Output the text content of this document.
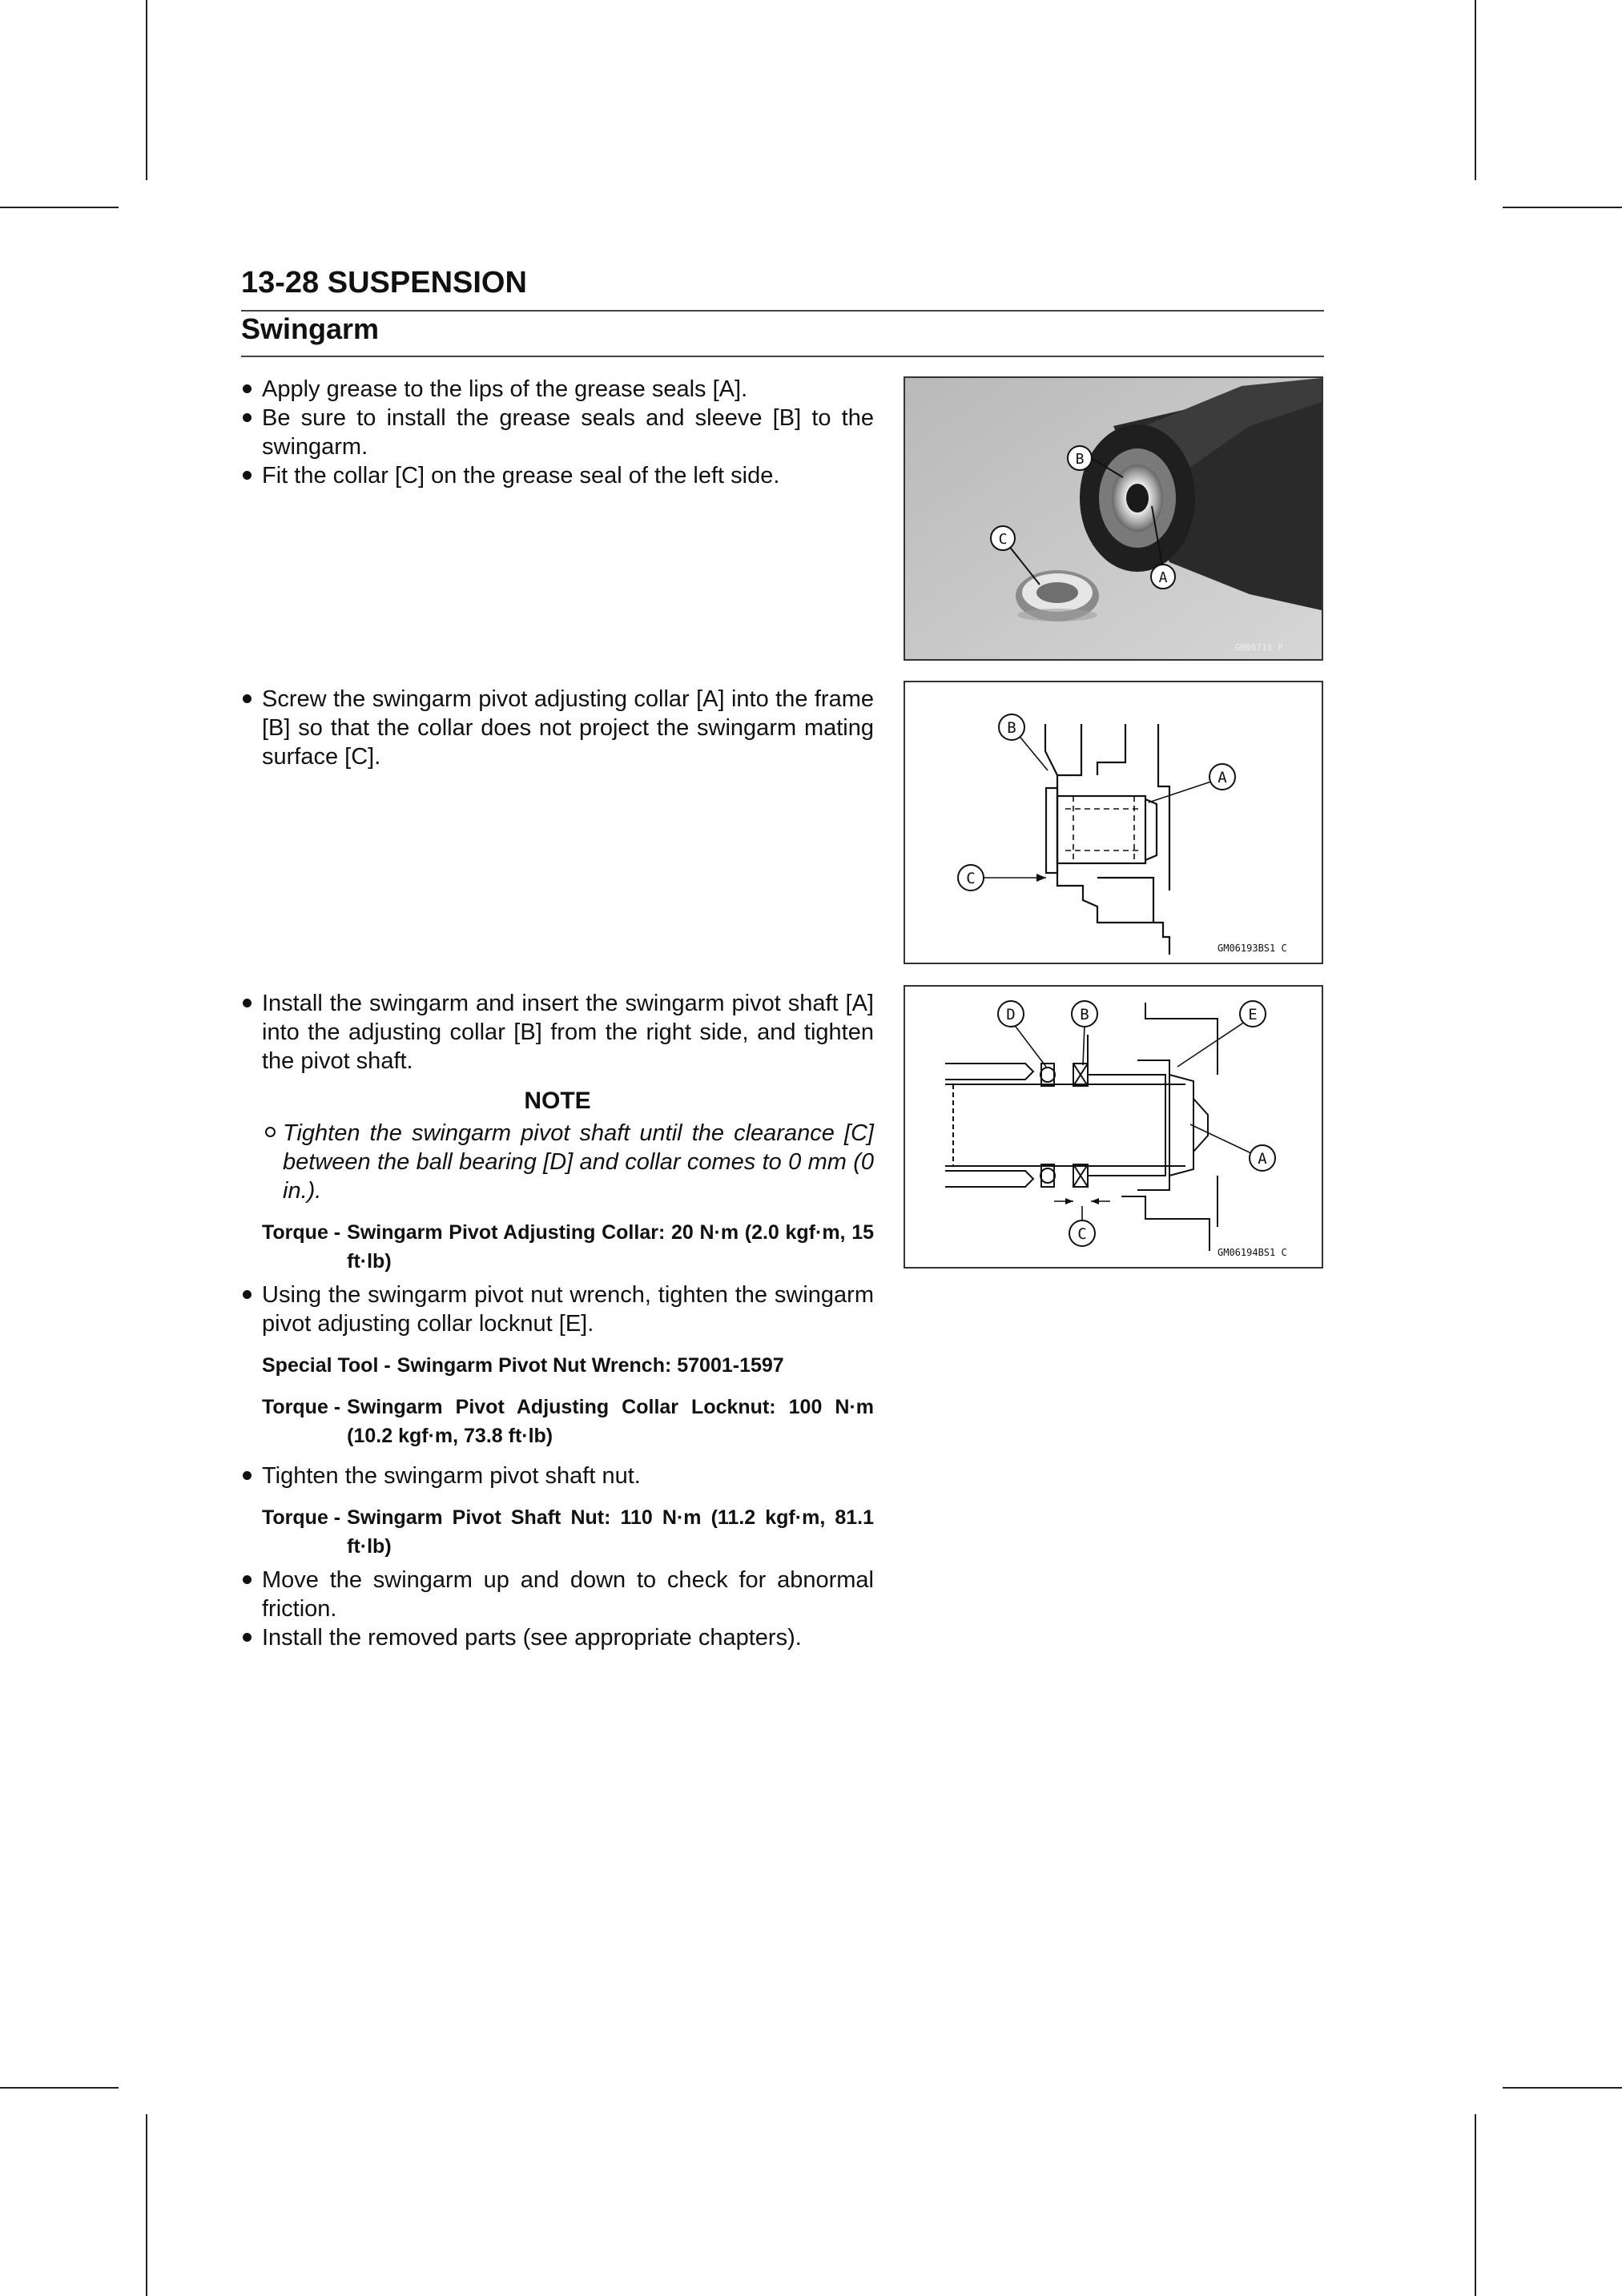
13-28 SUSPENSION
Swingarm

Apply grease to the lips of the grease seals [A].

Be sure to install the grease seals and sleeve [B] to the swingarm.

Fit the collar [C] on the grease seal of the left side.

B
A
C
GM06711 P

Screw the swingarm pivot adjusting collar [A] into the frame [B] so that the collar does not project the swingarm mating surface [C].

B
A
C
GM06193BS1 C

Install the swingarm and insert the swingarm pivot shaft [A] into the adjusting collar [B] from the right side, and tighten the pivot shaft.

NOTE

Tighten the swingarm pivot shaft until the clearance [C] between the ball bearing [D] and collar comes to 0 mm (0 in.).

Torque - Swingarm Pivot Adjusting Collar: 20 N·m (2.0 kgf·m, 15 ft·lb)

Using the swingarm pivot nut wrench, tighten the swingarm pivot adjusting collar locknut [E].

Special Tool - Swingarm Pivot Nut Wrench: 57001-1597
Torque - Swingarm Pivot Adjusting Collar Locknut: 100 N·m (10.2 kgf·m, 73.8 ft·lb)

Tighten the swingarm pivot shaft nut.

Torque - Swingarm Pivot Shaft Nut: 110 N·m (11.2 kgf·m, 81.1 ft·lb)

Move the swingarm up and down to check for abnormal friction.

Install the removed parts (see appropriate chapters).

D	B	E
A
C
GM06194BS1 C
